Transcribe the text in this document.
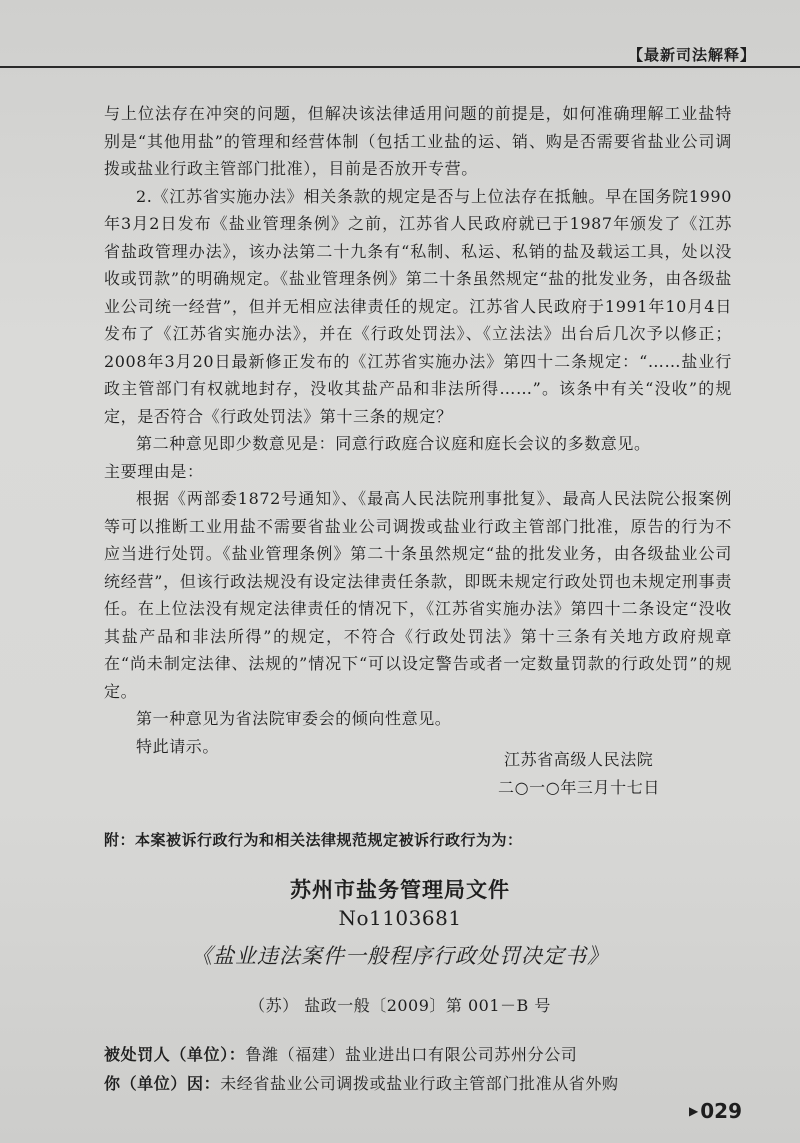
【最新司法解释】

与上位法存在冲突的问题，但解决该法律适用问题的前提是，如何准确理解工业盐特别是“其他用盐”的管理和经营体制（包括工业盐的运、销、购是否需要省盐业公司调拨或盐业行政主管部门批准），目前是否放开专营。

2.《江苏省实施办法》相关条款的规定是否与上位法存在抵触。早在国务院1990年3月2日发布《盐业管理条例》之前，江苏省人民政府就已于1987年颁发了《江苏省盐政管理办法》，该办法第二十九条有“私制、私运、私销的盐及载运工具，处以没收或罚款”的明确规定。《盐业管理条例》第二十条虽然规定“盐的批发业务，由各级盐业公司统一经营”，但并无相应法律责任的规定。江苏省人民政府于1991年10月4日发布了《江苏省实施办法》，并在《行政处罚法》、《立法法》出台后几次予以修正；2008年3月20日最新修正发布的《江苏省实施办法》第四十二条规定：“……盐业行政主管部门有权就地封存，没收其盐产品和非法所得……”。该条中有关“没收”的规定，是否符合《行政处罚法》第十三条的规定？

第二种意见即少数意见是：同意行政庭合议庭和庭长会议的多数意见。

主要理由是：

根据《两部委1872号通知》、《最高人民法院刑事批复》、最高人民法院公报案例等可以推断工业用盐不需要省盐业公司调拨或盐业行政主管部门批准，原告的行为不应当进行处罚。《盐业管理条例》第二十条虽然规定“盐的批发业务，由各级盐业公司统经营”，但该行政法规没有设定法律责任条款，即既未规定行政处罚也未规定刑事责任。在上位法没有规定法律责任的情况下，《江苏省实施办法》第四十二条设定“没收其盐产品和非法所得”的规定，不符合《行政处罚法》第十三条有关地方政府规章在“尚未制定法律、法规的”情况下“可以设定警告或者一定数量罚款的行政处罚”的规定。

第一种意见为省法院审委会的倾向性意见。

特此请示。

江苏省高级人民法院
二○一○年三月十七日
附：本案被诉行政行为和相关法律规范规定被诉行政行为为：
苏州市盐务管理局文件
No1103681
《盐业违法案件一般程序行政处罚决定书》
（苏） 盐政一般〔2009〕第 001－B 号
被处罚人（单位）：鲁潍（福建）盐业进出口有限公司苏州分公司
你（单位）因：未经省盐业公司调拨或盐业行政主管部门批准从省外购
▶ 029
